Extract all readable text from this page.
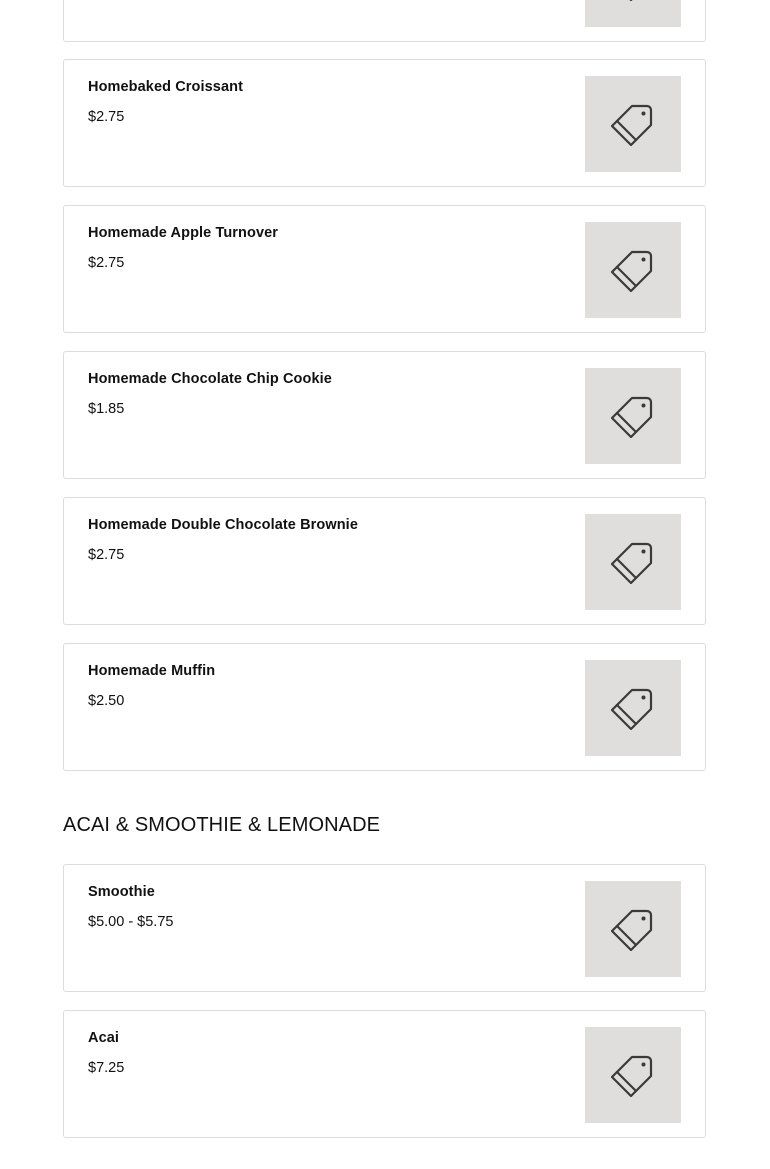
Homebaked Croissant
$2.75
Homemade Apple Turnover
$2.75
Homemade Chocolate Chip Cookie
$1.85
Homemade Double Chocolate Brownie
$2.75
Homemade Muffin
$2.50
ACAI & SMOOTHIE & LEMONADE
Smoothie
$5.00 - $5.75
Acai
$7.25
